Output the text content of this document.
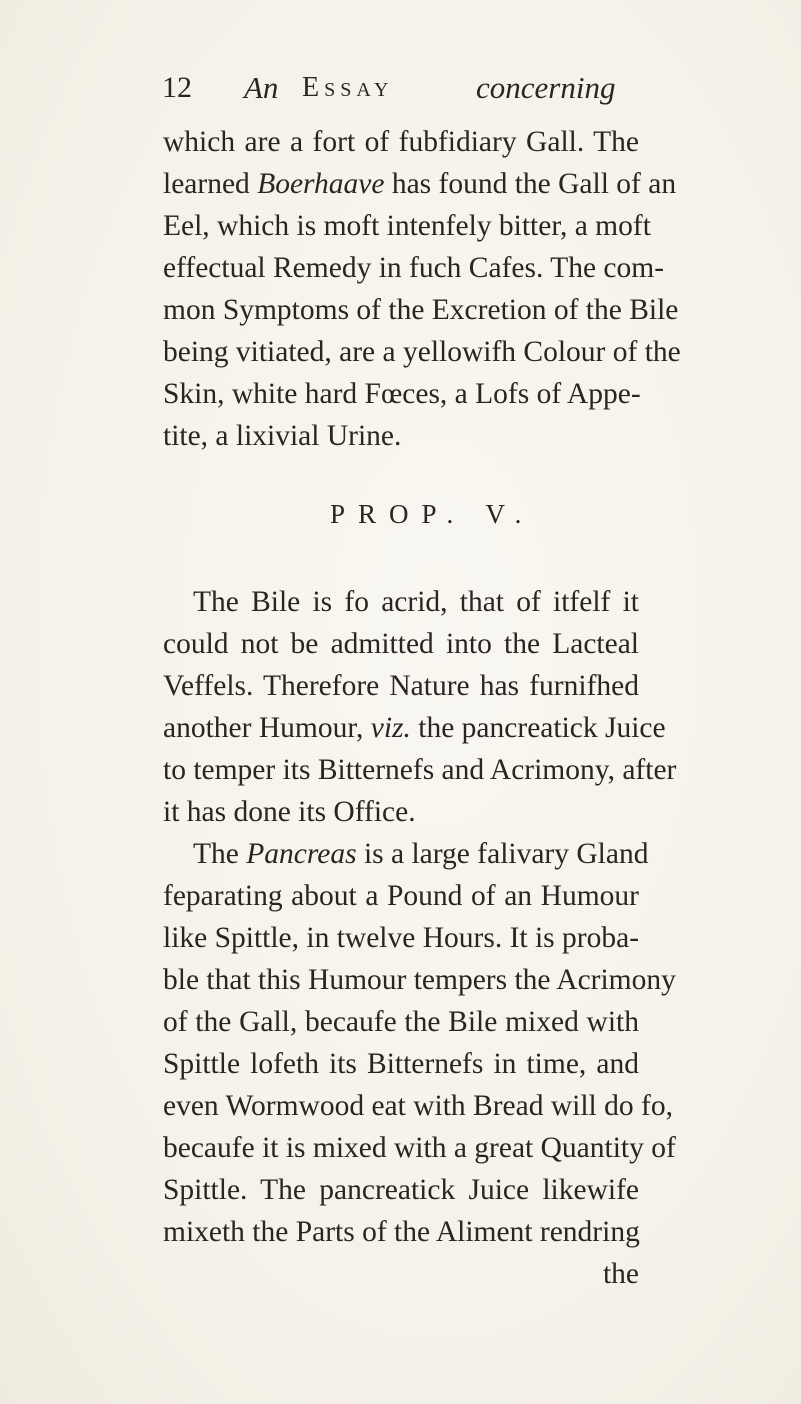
12 An Essay	concerning
which are a fort of fubfidiary Gall. The
learned Boerhaave has found the Gall of an
Eel, which is moft intenfely bitter, a moft
effectual Remedy in fuch Cafes. The com-
mon Symptoms of the Excretion of the Bile
being vitiated, are a yellowifh Colour of the
Skin, white hard Fœces, a Lofs of Appe-
tite, a lixivial Urine.
PROP. V.
The Bile is fo acrid, that of itfelf it
could not be admitted into the Lacteal
Veffels. Therefore Nature has furnifhed
another Humour, viz. the pancreatick Juice
to temper its Bitternefs and Acrimony, after
it has done its Office.
The Pancreas is a large falivary Gland
feparating about a Pound of an Humour
like Spittle, in twelve Hours. It is proba-
ble that this Humour tempers the Acrimony
of the Gall, becaufe the Bile mixed with
Spittle lofeth its Bitternefs in time, and
even Wormwood eat with Bread will do fo,
becaufe it is mixed with a great Quantity of
Spittle. The pancreatick Juice likewife
mixeth the Parts of the Aliment rendring
the
